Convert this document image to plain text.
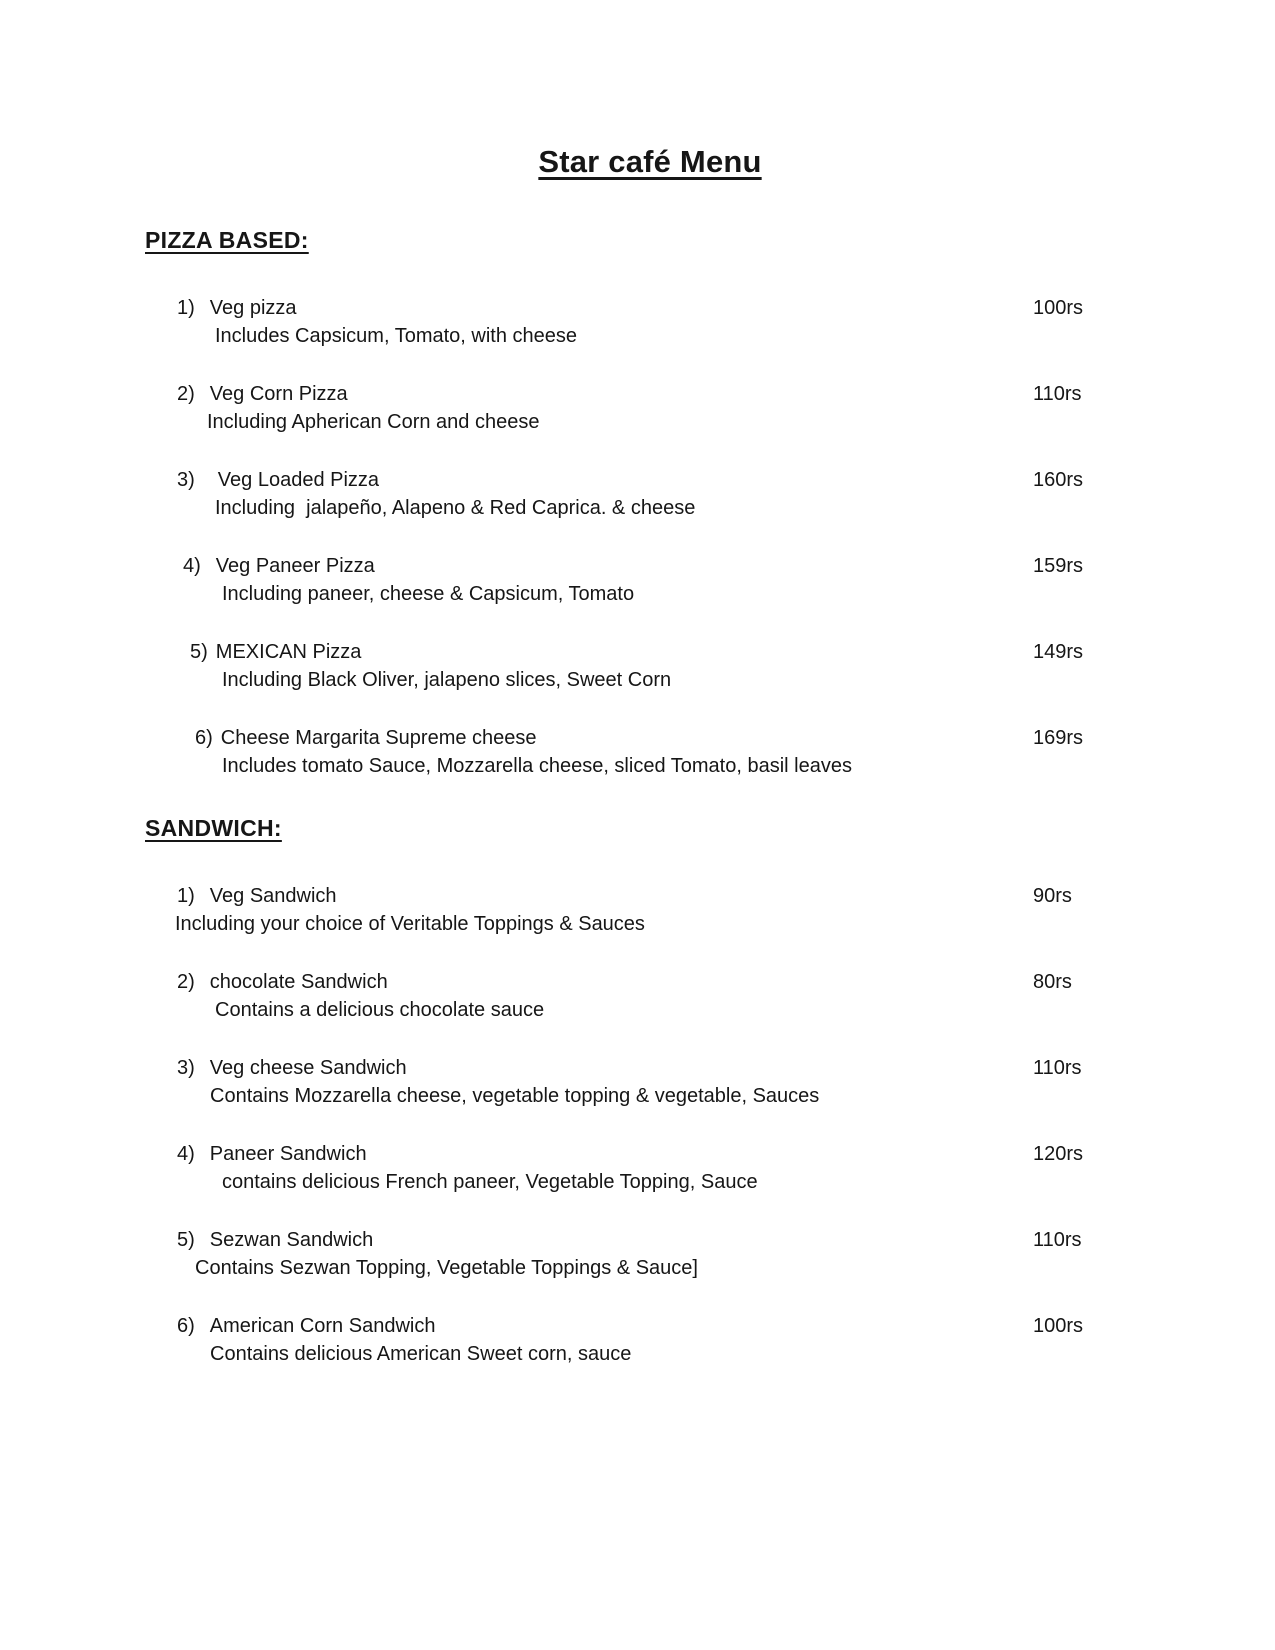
Star café Menu
PIZZA BASED:
1) Veg pizza	100rs
Includes Capsicum, Tomato, with cheese
2) Veg Corn Pizza	110rs
Including Apherican Corn and cheese
3) Veg Loaded Pizza	160rs
Including  jalapeño, Alapeno & Red Caprica. & cheese
4) Veg Paneer Pizza	159rs
Including paneer, cheese & Capsicum, Tomato
5) MEXICAN Pizza	149rs
Including Black Oliver, jalapeno slices, Sweet Corn
6) Cheese Margarita Supreme cheese	169rs
Includes tomato Sauce, Mozzarella cheese, sliced Tomato, basil leaves
SANDWICH:
1) Veg Sandwich	90rs
Including your choice of Veritable Toppings & Sauces
2) chocolate Sandwich	80rs
Contains a delicious chocolate sauce
3) Veg cheese Sandwich	110rs
Contains Mozzarella cheese, vegetable topping & vegetable, Sauces
4) Paneer Sandwich	120rs
contains delicious French paneer, Vegetable Topping, Sauce
5) Sezwan Sandwich	110rs
Contains Sezwan Topping, Vegetable Toppings & Sauce]
6) American Corn Sandwich	100rs
Contains delicious American Sweet corn, sauce
